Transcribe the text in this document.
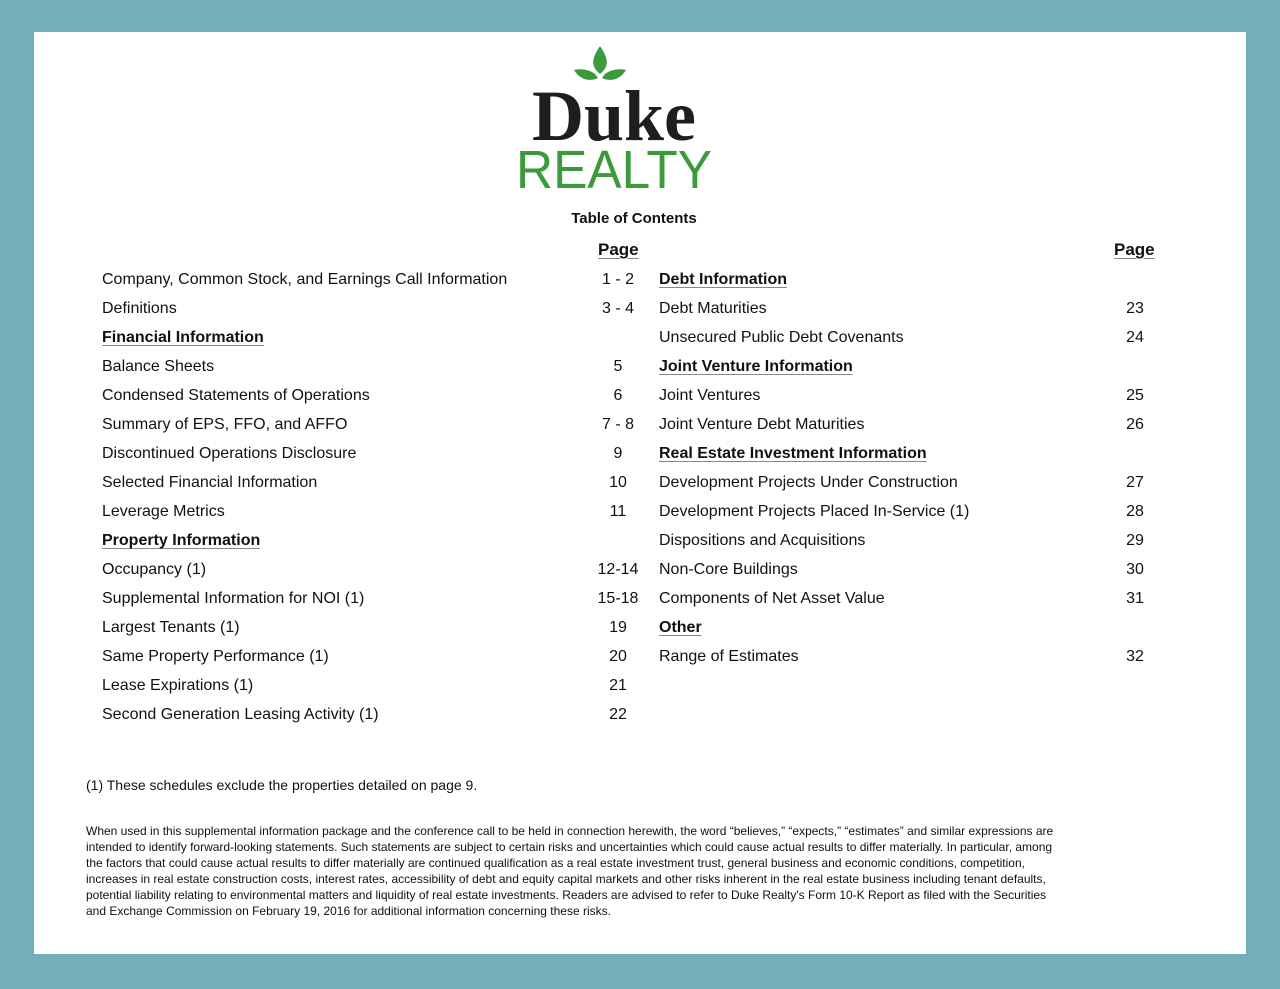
Duke
REALTY
Table of Contents
Page	Page
Company, Common Stock, and Earnings Call Information	1 - 2
Definitions	3 - 4
Financial Information
Balance Sheets	5
Condensed Statements of Operations	6
Summary of EPS, FFO, and AFFO	7 - 8
Discontinued Operations Disclosure	9
Selected Financial Information	10
Leverage Metrics	11
Property Information
Occupancy (1)	12-14
Supplemental Information for NOI (1)	15-18
Largest Tenants (1)	19
Same Property Performance (1)	20
Lease Expirations (1)	21
Second Generation Leasing Activity (1)	22
Debt Information
Debt Maturities	23
Unsecured Public Debt Covenants	24
Joint Venture Information
Joint Ventures	25
Joint Venture Debt Maturities	26
Real Estate Investment Information
Development Projects Under Construction	27
Development Projects Placed In-Service (1)	28
Dispositions and Acquisitions	29
Non-Core Buildings	30
Components of Net Asset Value	31
Other
Range of Estimates	32
(1) These schedules exclude the properties detailed on page 9.
When used in this supplemental information package and the conference call to be held in connection herewith, the word “believes,” “expects,” “estimates” and similar expressions are
intended to identify forward-looking statements. Such statements are subject to certain risks and uncertainties which could cause actual results to differ materially. In particular, among
the factors that could cause actual results to differ materially are continued qualification as a real estate investment trust, general business and economic conditions, competition,
increases in real estate construction costs, interest rates, accessibility of debt and equity capital markets and other risks inherent in the real estate business including tenant defaults,
potential liability relating to environmental matters and liquidity of real estate investments. Readers are advised to refer to Duke Realty's Form 10-K Report as filed with the Securities
and Exchange Commission on February 19, 2016 for additional information concerning these risks.
